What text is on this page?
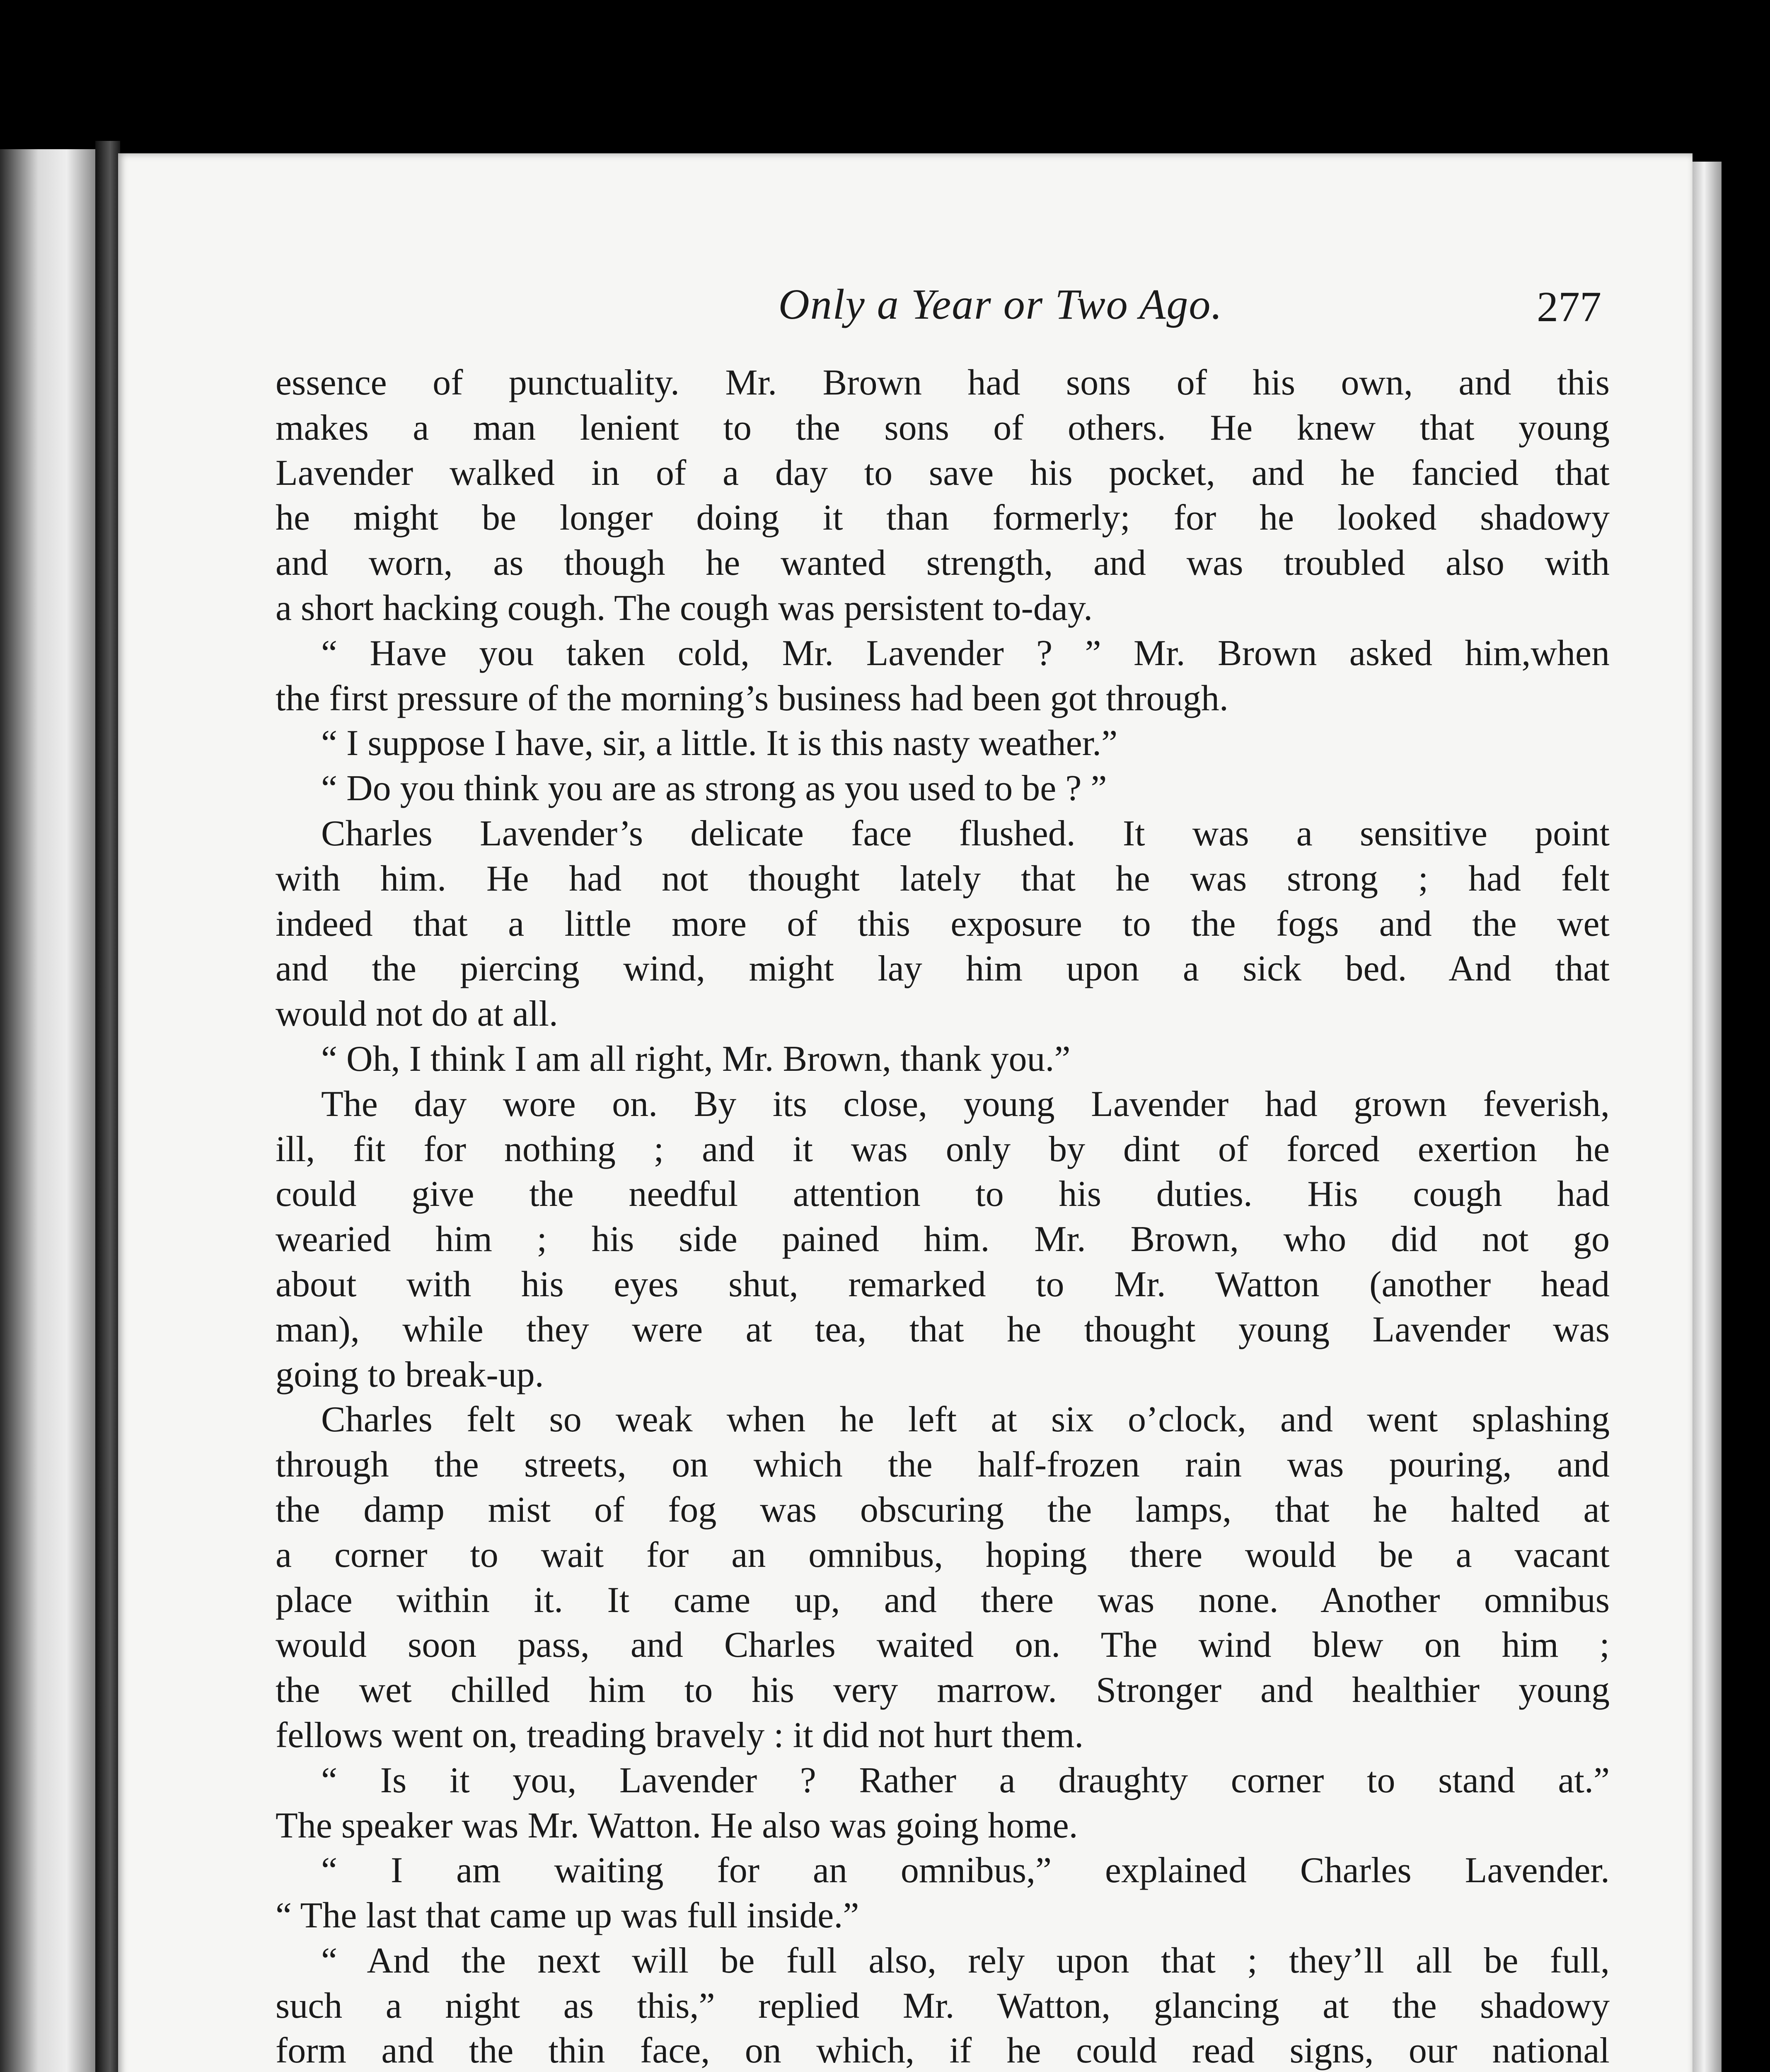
Only a Year or Two Ago.	277
essence of punctuality. Mr. Brown had sons of his own, and this
makes a man lenient to the sons of others. He knew that young
Lavender walked in of a day to save his pocket, and he fancied that
he might be longer doing it than formerly; for he looked shadowy
and worn, as though he wanted strength, and was troubled also with
a short hacking cough. The cough was persistent to-day.
“ Have you taken cold, Mr. Lavender ? ” Mr. Brown asked him,when
the first pressure of the morning’s business had been got through.
“ I suppose I have, sir, a little. It is this nasty weather.”
“ Do you think you are as strong as you used to be ? ”
Charles Lavender’s delicate face flushed. It was a sensitive point
with him. He had not thought lately that he was strong ; had felt
indeed that a little more of this exposure to the fogs and the wet
and the piercing wind, might lay him upon a sick bed. And that
would not do at all.
“ Oh, I think I am all right, Mr. Brown, thank you.”
The day wore on. By its close, young Lavender had grown feverish,
ill, fit for nothing ; and it was only by dint of forced exertion he
could give the needful attention to his duties. His cough had
wearied him ; his side pained him. Mr. Brown, who did not go
about with his eyes shut, remarked to Mr. Watton (another head
man), while they were at tea, that he thought young Lavender was
going to break-up.
Charles felt so weak when he left at six o’clock, and went splashing
through the streets, on which the half-frozen rain was pouring, and
the damp mist of fog was obscuring the lamps, that he halted at
a corner to wait for an omnibus, hoping there would be a vacant
place within it. It came up, and there was none. Another omnibus
would soon pass, and Charles waited on. The wind blew on him ;
the wet chilled him to his very marrow. Stronger and healthier young
fellows went on, treading bravely : it did not hurt them.
“ Is it you, Lavender ? Rather a draughty corner to stand at.”
The speaker was Mr. Watton. He also was going home.
“ I am waiting for an omnibus,” explained Charles Lavender.
“ The last that came up was full inside.”
“ And the next will be full also, rely upon that ; they’ll all be full,
such a night as this,” replied Mr. Watton, glancing at the shadowy
form and the thin face, on which, if he could read signs, our national
